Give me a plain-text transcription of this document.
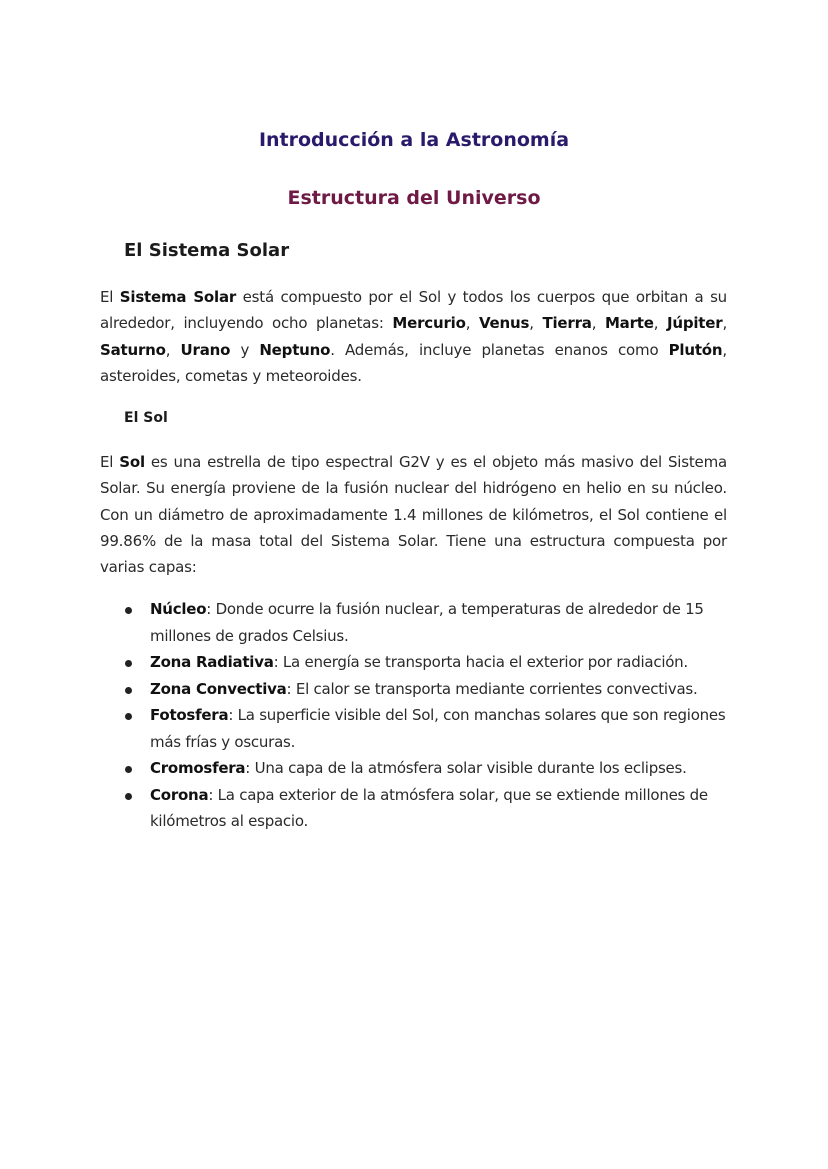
Introducción a la Astronomía
Estructura del Universo
El Sistema Solar

El Sistema Solar está compuesto por el Sol y todos los cuerpos que orbitan a su alrededor, incluyendo ocho planetas: Mercurio, Venus, Tierra, Marte, Júpiter, Saturno, Urano y Neptuno. Además, incluye planetas enanos como Plutón, asteroides, cometas y meteoroides.

El Sol

El Sol es una estrella de tipo espectral G2V y es el objeto más masivo del Sistema Solar. Su energía proviene de la fusión nuclear del hidrógeno en helio en su núcleo. Con un diámetro de aproximadamente 1.4 millones de kilómetros, el Sol contiene el 99.86% de la masa total del Sistema Solar. Tiene una estructura compuesta por varias capas:

Núcleo: Donde ocurre la fusión nuclear, a temperaturas de alrededor de 15 millones de grados Celsius.
Zona Radiativa: La energía se transporta hacia el exterior por radiación.
Zona Convectiva: El calor se transporta mediante corrientes convectivas.
Fotosfera: La superficie visible del Sol, con manchas solares que son regiones más frías y oscuras.
Cromosfera: Una capa de la atmósfera solar visible durante los eclipses.
Corona: La capa exterior de la atmósfera solar, que se extiende millones de kilómetros al espacio.
